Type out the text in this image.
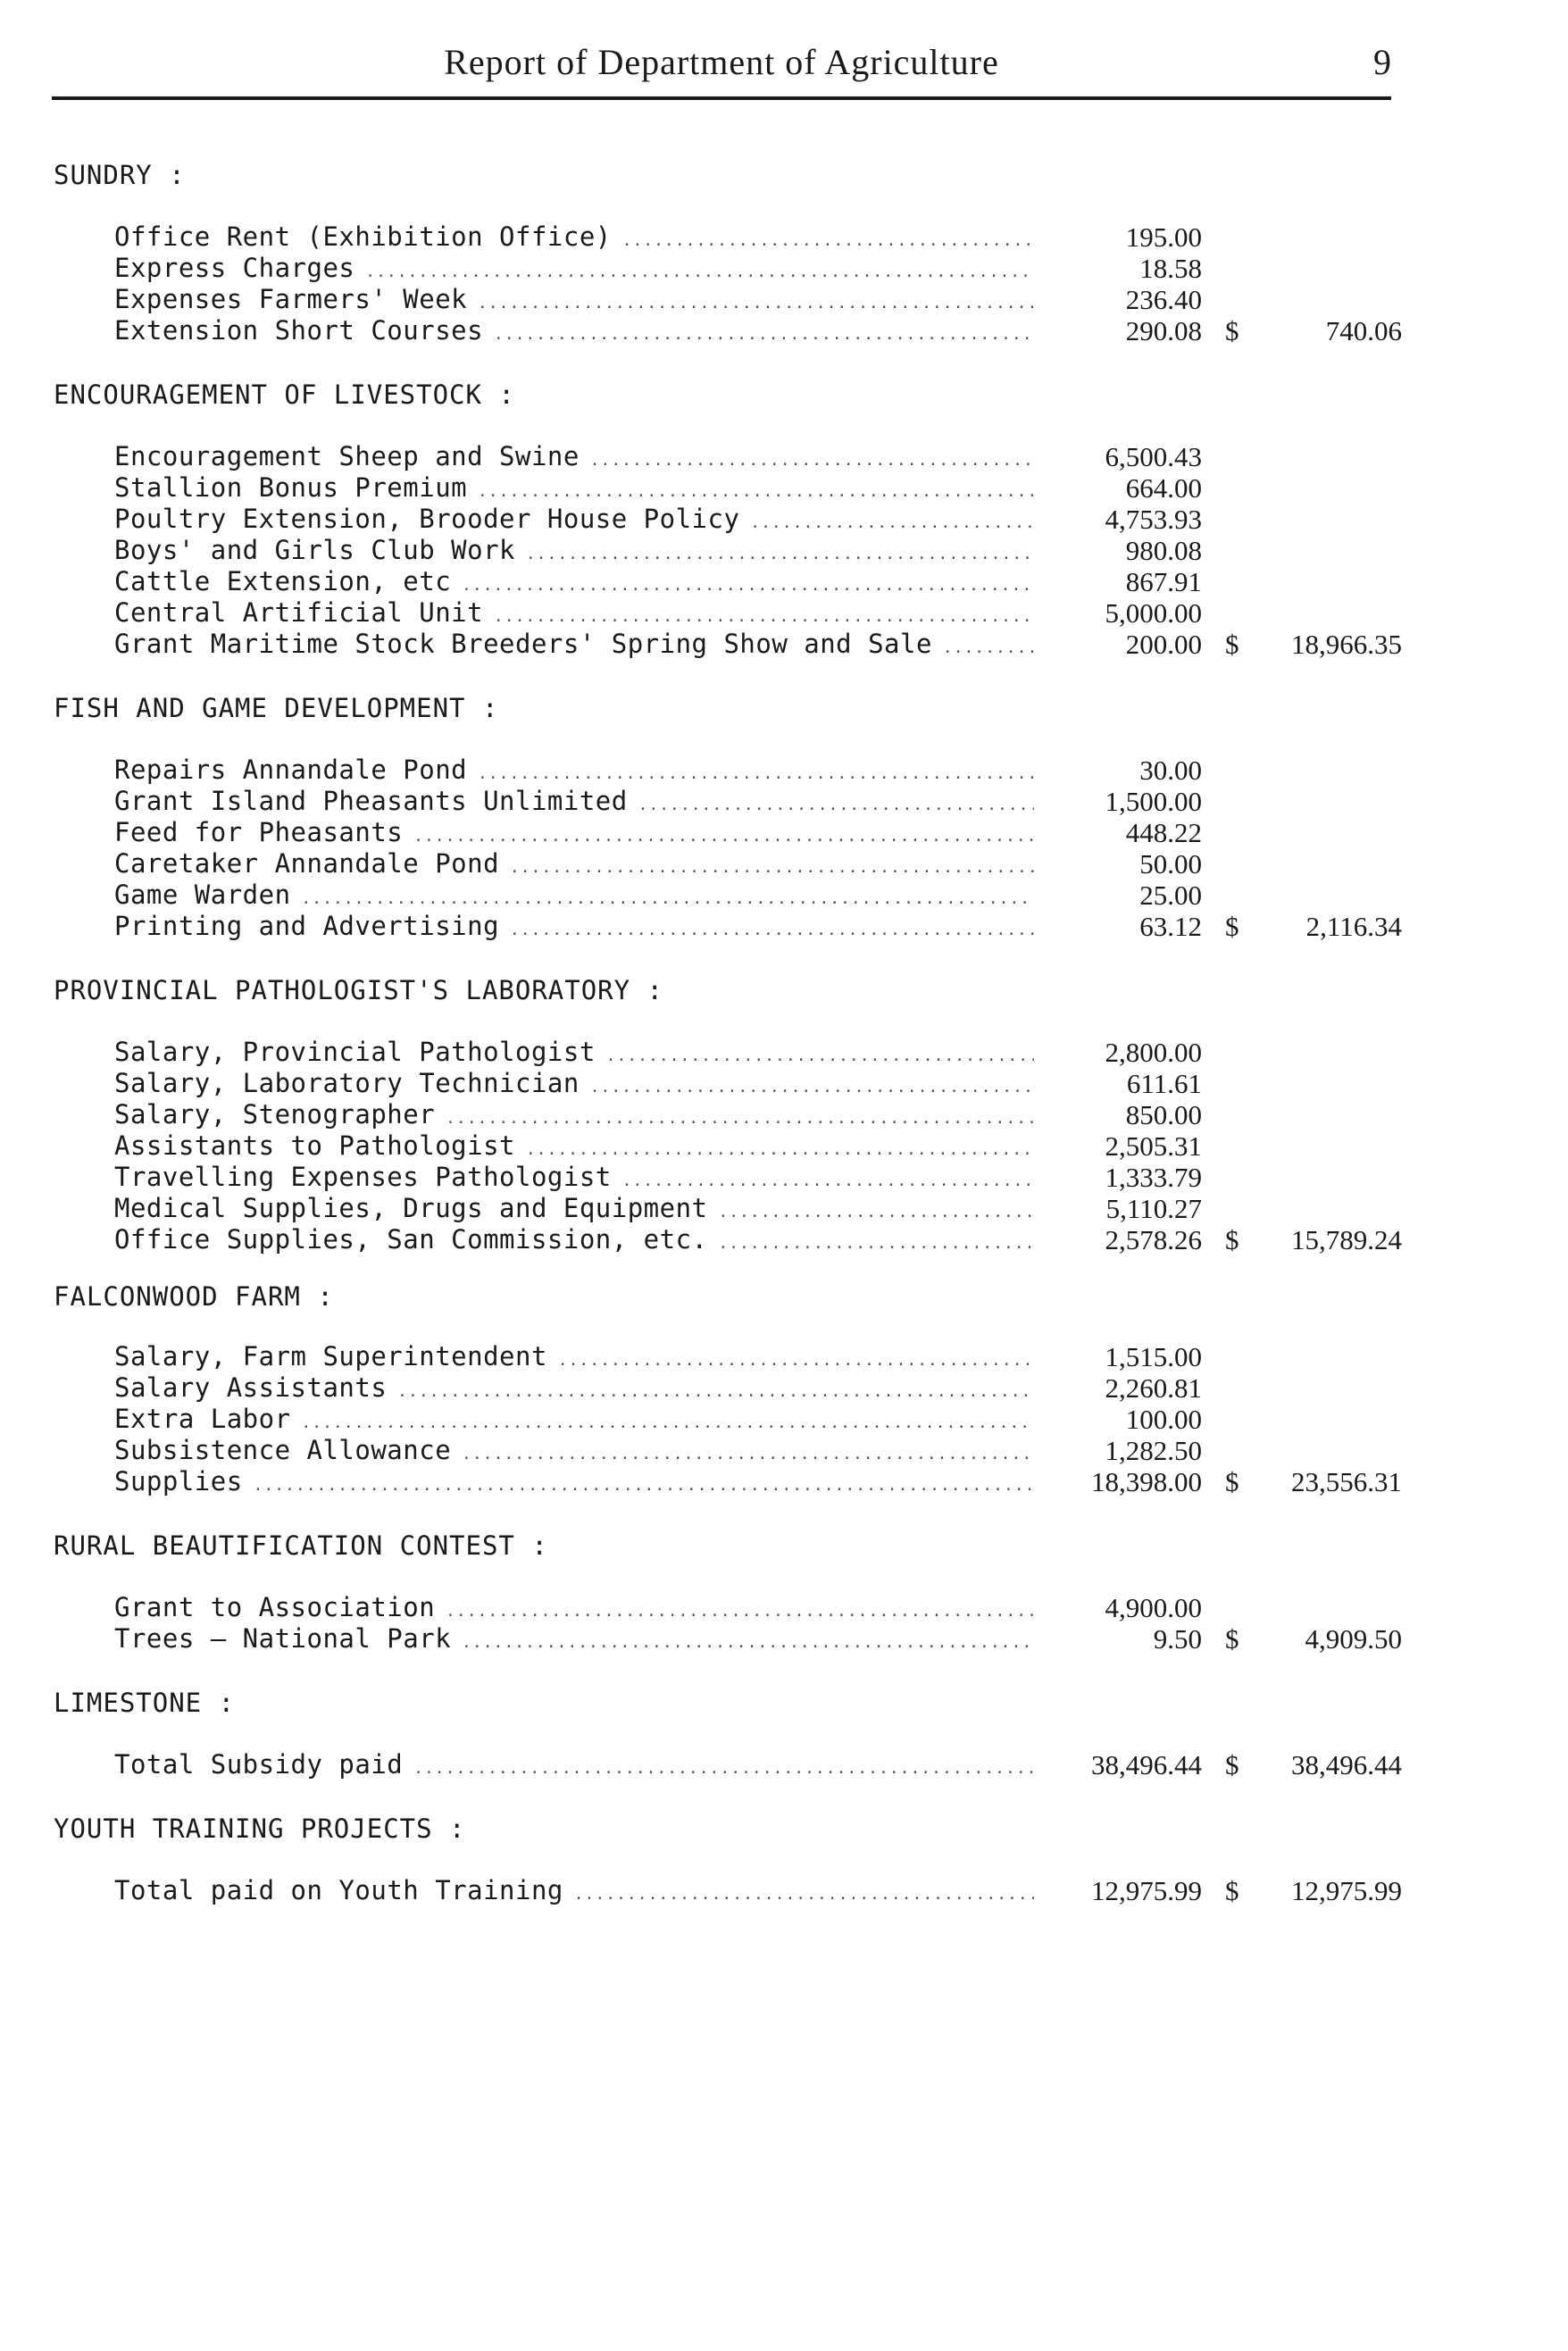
Report of Department of Agriculture	9
SUNDRY :
Office Rent (Exhibition Office) .....	195.00
Express Charges .....	18.58
Expenses Farmers' Week .....	236.40
Extension Short Courses .....	290.08 $	740.06
ENCOURAGEMENT OF LIVESTOCK :
Encouragement Sheep and Swine .....	6,500.43
Stallion Bonus Premium .....	664.00
Poultry Extension, Brooder House Policy .....	4,753.93
Boys' and Girls Club Work .....	980.08
Cattle Extension, etc .....	867.91
Central Artificial Unit .....	5,000.00
Grant Maritime Stock Breeders' Spring Show and Sale .....	200.00 $	18,966.35
FISH AND GAME DEVELOPMENT :
Repairs Annandale Pond .....	30.00
Grant Island Pheasants Unlimited .....	1,500.00
Feed for Pheasants .....	448.22
Caretaker Annandale Pond .....	50.00
Game Warden .....	25.00
Printing and Advertising .....	63.12 $	2,116.34
PROVINCIAL PATHOLOGIST'S LABORATORY :
Salary, Provincial Pathologist .....	2,800.00
Salary, Laboratory Technician .....	611.61
Salary, Stenographer .....	850.00
Assistants to Pathologist .....	2,505.31
Travelling Expenses Pathologist .....	1,333.79
Medical Supplies, Drugs and Equipment .....	5,110.27
Office Supplies, San Commission, etc. .....	2,578.26 $	15,789.24
FALCONWOOD FARM :
Salary, Farm Superintendent .....	1,515.00
Salary Assistants .....	2,260.81
Extra Labor .....	100.00
Subsistence Allowance .....	1,282.50
Supplies .....	18,398.00 $	23,556.31
RURAL BEAUTIFICATION CONTEST :
Grant to Association .....	4,900.00
Trees — National Park .....	9.50 $	4,909.50
LIMESTONE :
Total Subsidy paid .....	38,496.44 $	38,496.44
YOUTH TRAINING PROJECTS :
Total paid on Youth Training .....	12,975.99 $	12,975.99
